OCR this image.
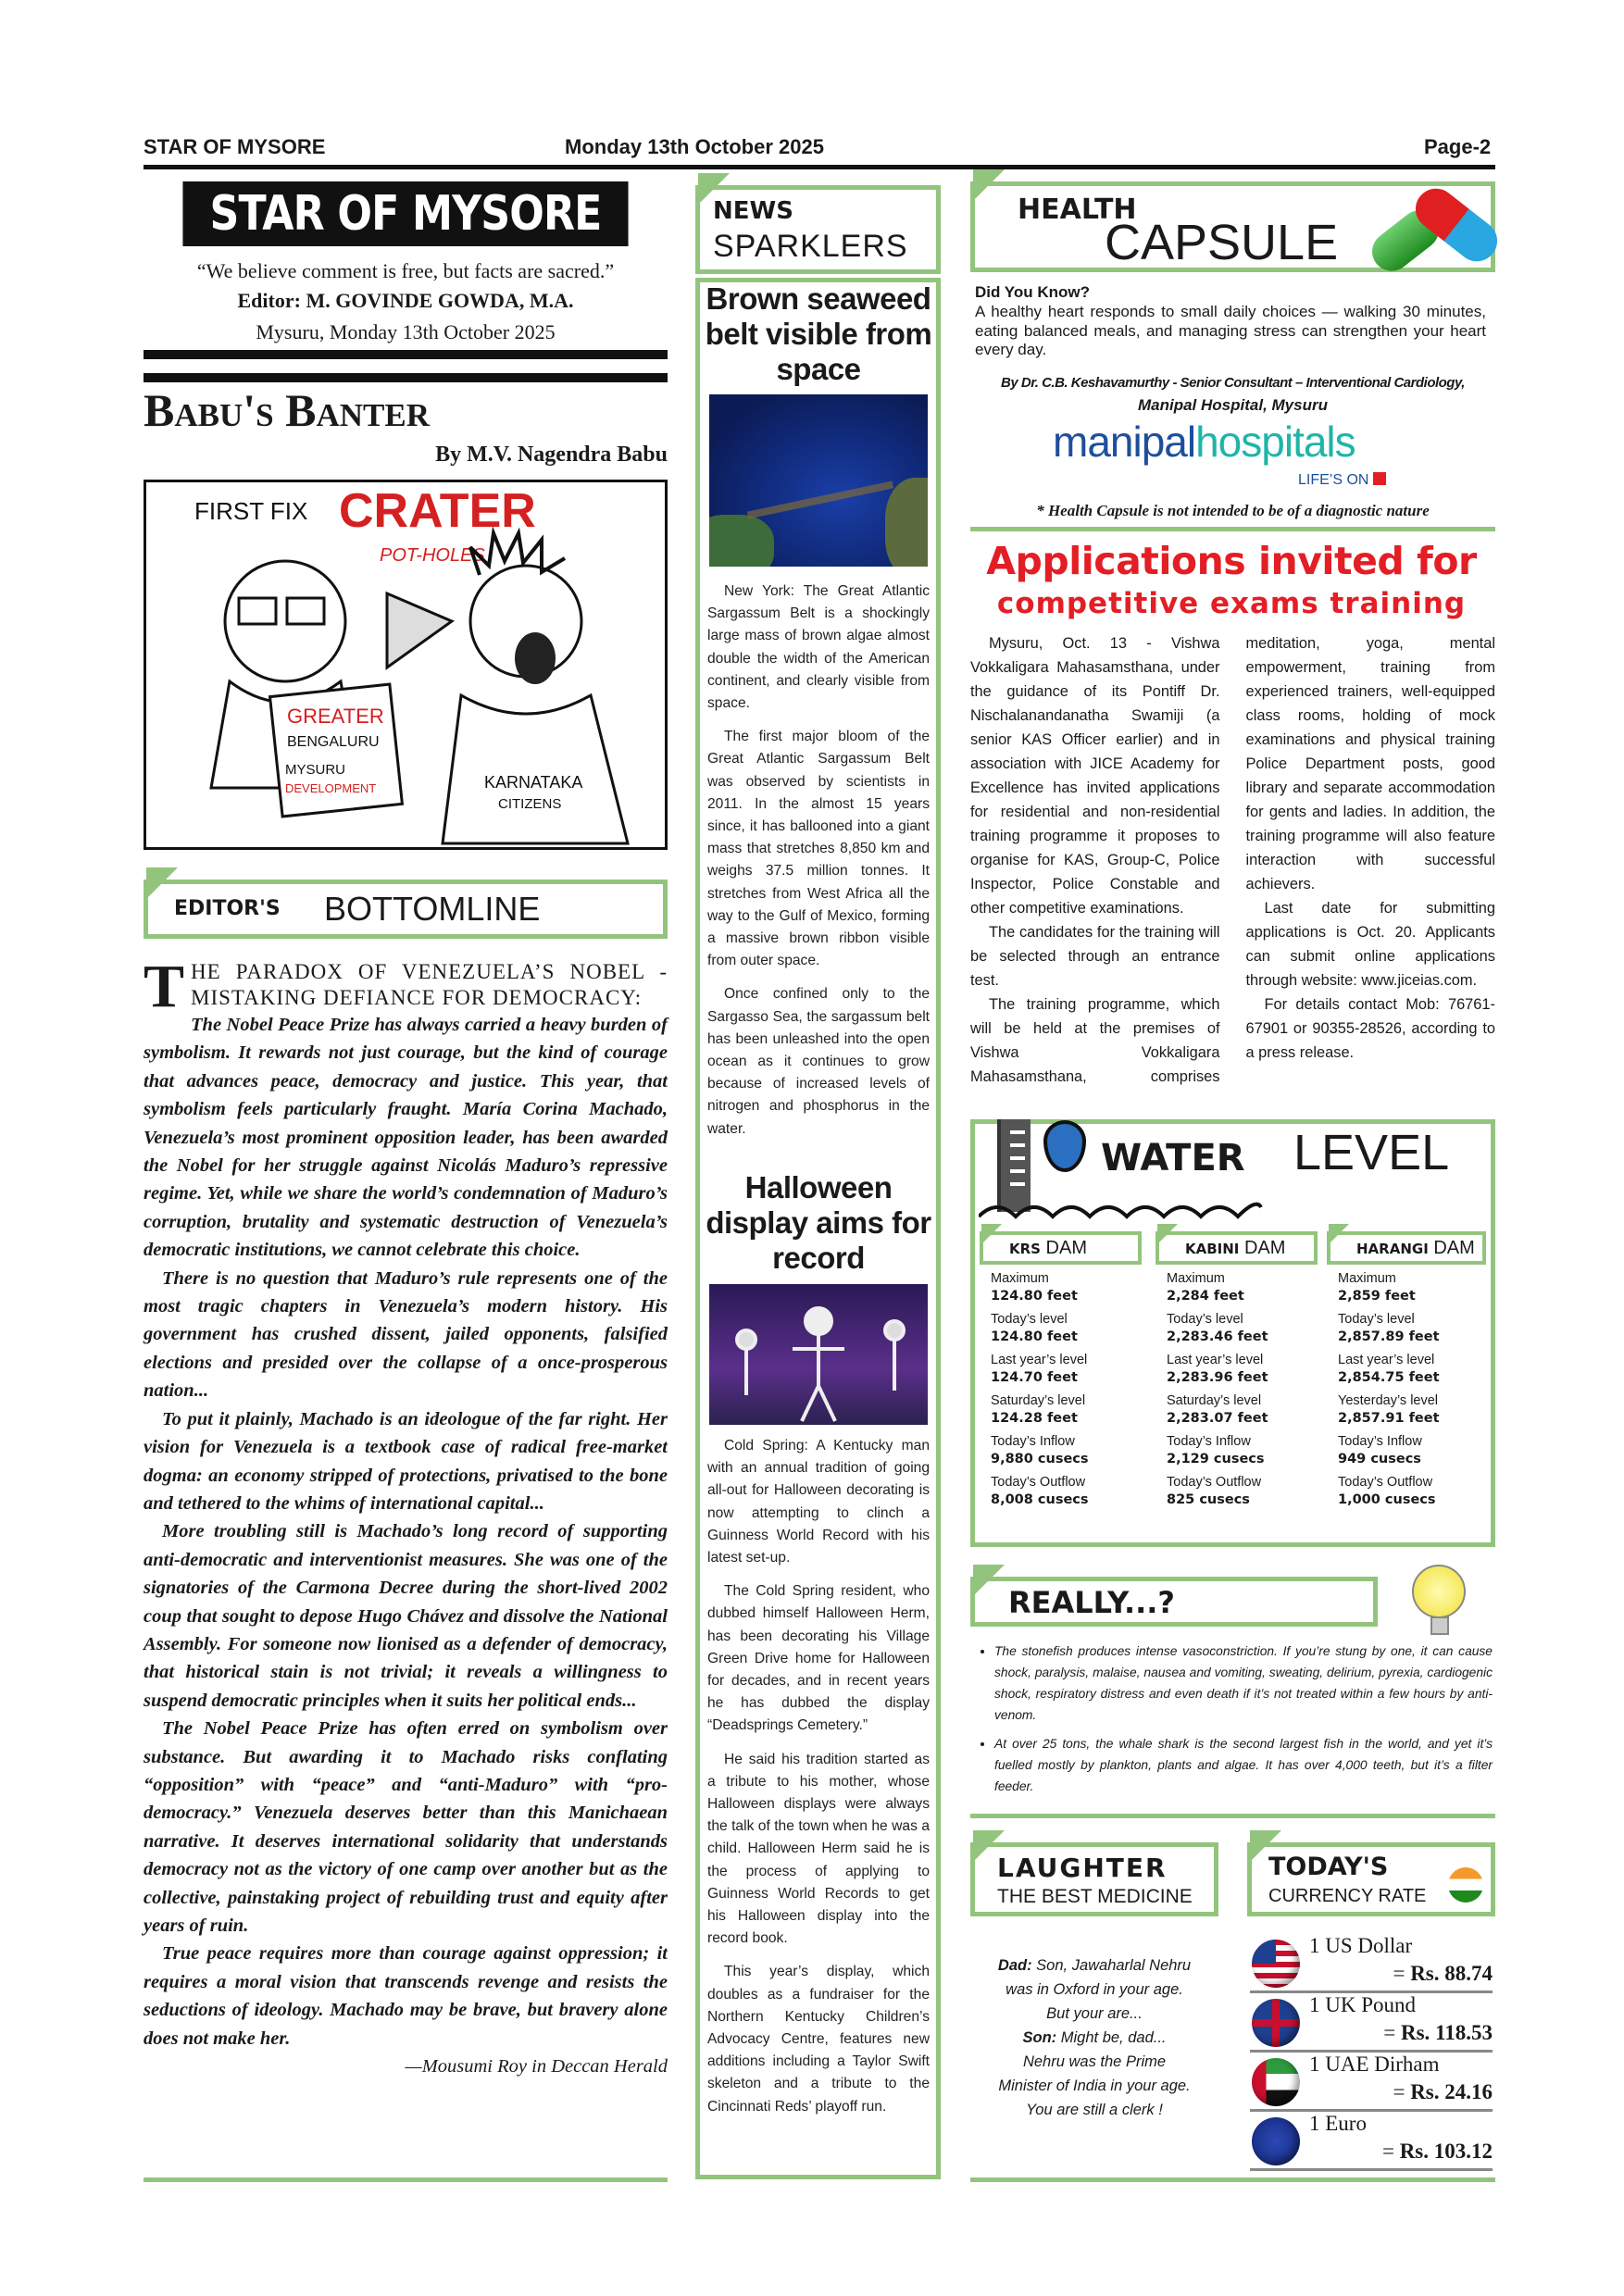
STAR OF MYSORE	Monday 13th October 2025	Page-2
STAR OF MYSORE
“We believe comment is free, but facts are sacred.”
Editor: M. GOVINDE GOWDA, M.A.
Mysuru, Monday 13th October 2025
Babu's Banter
By M.V. Nagendra Babu
FIRST FIX CRATER
POT-HOLES
GREATER
BENGALURU
MYSURU
DEVELOPMENT	KARNATAKA
CITIZENS
EDITOR'S BOTTOMLINE
THE PARADOX OF VENEZUELA’S NOBEL - MISTAKING DEFIANCE FOR DEMOCRACY:
The Nobel Peace Prize has always carried a heavy burden of symbolism. It rewards not just courage, but the kind of courage that advances peace, democracy and justice. This year, that symbolism feels particularly fraught. María Corina Machado, Venezuela’s most prominent opposition leader, has been awarded the Nobel for her struggle against Nicolás Maduro’s repressive regime. Yet, while we share the world’s condemnation of Maduro’s corruption, brutality and systematic destruction of Venezuela’s democratic institutions, we cannot celebrate this choice.

There is no question that Maduro’s rule represents one of the most tragic chapters in Venezuela’s modern history. His government has crushed dissent, jailed opponents, falsified elections and presided over the collapse of a once-prosperous nation...

To put it plainly, Machado is an ideologue of the far right. Her vision for Venezuela is a textbook case of radical free-market dogma: an economy stripped of protections, privatised to the bone and tethered to the whims of international capital...

More troubling still is Machado’s long record of supporting anti-democratic and interventionist measures. She was one of the signatories of the Carmona Decree during the short-lived 2002 coup that sought to depose Hugo Chávez and dissolve the National Assembly. For someone now lionised as a defender of democracy, that historical stain is not trivial; it reveals a willingness to suspend democratic principles when it suits her political ends...

The Nobel Peace Prize has often erred on symbolism over substance. But awarding it to Machado risks conflating “opposition” with “peace” and “anti-Maduro” with “pro-democracy.” Venezuela deserves better than this Manichaean narrative. It deserves international solidarity that understands democracy not as the victory of one camp over another but as the collective, painstaking project of rebuilding trust and equity after years of ruin.

True peace requires more than courage against oppression; it requires a moral vision that transcends revenge and resists the seductions of ideology. Machado may be brave, but bravery alone does not make her.

—Mousumi Roy in Deccan Herald
NEWS
SPARKLERS
Brown seaweed belt visible from space

New York: The Great Atlantic Sargassum Belt is a shockingly large mass of brown algae almost double the width of the American continent, and clearly visible from space.

The first major bloom of the Great Atlantic Sargassum Belt was observed by scientists in 2011. In the almost 15 years since, it has ballooned into a giant mass that stretches 8,850 km and weighs 37.5 million tonnes. It stretches from West Africa all the way to the Gulf of Mexico, forming a massive brown ribbon visible from outer space.

Once confined only to the Sargasso Sea, the sargassum belt has been unleashed into the open ocean as it continues to grow because of increased levels of nitrogen and phosphorus in the water.

Halloween display aims for record

Cold Spring: A Kentucky man with an annual tradition of going all-out for Halloween decorating is now attempting to clinch a Guinness World Record with his latest set-up.

The Cold Spring resident, who dubbed himself Halloween Herm, has been decorating his Village Green Drive home for Halloween for decades, and in recent years he has dubbed the display “Deadsprings Cemetery.”

He said his tradition started as a tribute to his mother, whose Halloween displays were always the talk of the town when he was a child. Halloween Herm said he is the process of applying to Guinness World Records to get his Halloween display into the record book.

This year’s display, which doubles as a fundraiser for the Northern Kentucky Children’s Advocacy Centre, features new additions including a Taylor Swift skeleton and a tribute to the Cincinnati Reds’ playoff run.

HEALTH
CAPSULE
Did You Know?
A healthy heart responds to small daily choices — walking 30 minutes, eating balanced meals, and managing stress can strengthen your heart every day.
By Dr. C.B. Keshavamurthy - Senior Consultant – Interventional Cardiology,
Manipal Hospital, Mysuru
manipalhospitals
LIFE’S ON
* Health Capsule is not intended to be of a diagnostic nature
Applications invited for
competitive exams training

Mysuru, Oct. 13 - Vishwa Vokkaligara Mahasamsthana, under the guidance of its Pontiff Dr. Nischalanandanatha Swamiji (a senior KAS Officer earlier) and in association with JICE Academy for Excellence has invited applications for residential and non-residential training programme it proposes to organise for KAS, Group-C, Police Inspector, Police Constable and other competitive examinations.

The candidates for the training will be selected through an entrance test.

The training programme, which will be held at the premises of Vishwa Vokkaligara Mahasamsthana, comprises meditation, yoga, mental empowerment, training from experienced trainers, well-equipped class rooms, holding of mock examinations and physical training Police Department posts, good library and separate accommodation for gents and ladies. In addition, the training programme will also feature interaction with successful achievers.

Last date for submitting applications is Oct. 20. Applicants can submit online applications through website: www.jiceias.com.

For details contact Mob: 76761-67901 or 90355-28526, according to a press release.

WATER LEVEL
KRS DAM
Maximum
124.80 feet
Today’s level
124.80 feet
Last year’s level
124.70 feet
Saturday’s level
124.28 feet
Today’s Inflow
9,880 cusecs
Today’s Outflow
8,008 cusecs
KABINI DAM
Maximum
2,284 feet
Today’s level
2,283.46 feet
Last year’s level
2,283.96 feet
Saturday’s level
2,283.07 feet
Today’s Inflow
2,129 cusecs
Today’s Outflow
825 cusecs
HARANGI DAM
Maximum
2,859 feet
Today’s level
2,857.89 feet
Last year’s level
2,854.75 feet
Yesterday’s level
2,857.91 feet
Today’s Inflow
949 cusecs
Today’s Outflow
1,000 cusecs
REALLY...?
• The stonefish produces intense vasoconstriction. If you’re stung by one, it can cause shock, paralysis, malaise, nausea and vomiting, sweating, delirium, pyrexia, cardiogenic shock, respiratory distress and even death if it’s not treated within a few hours by anti-venom.
• At over 25 tons, the whale shark is the second largest fish in the world, and yet it’s fuelled mostly by plankton, plants and algae. It has over 4,000 teeth, but it’s a filter feeder.
LAUGHTER
THE BEST MEDICINE
Dad: Son, Jawaharlal Nehru
was in Oxford in your age.
But your are...
Son: Might be, dad...
Nehru was the Prime
Minister of India in your age.
You are still a clerk !
TODAY'S
CURRENCY RATE
1 US Dollar
= Rs. 88.74
1 UK Pound
= Rs. 118.53
1 UAE Dirham
= Rs. 24.16
1 Euro
= Rs. 103.12
